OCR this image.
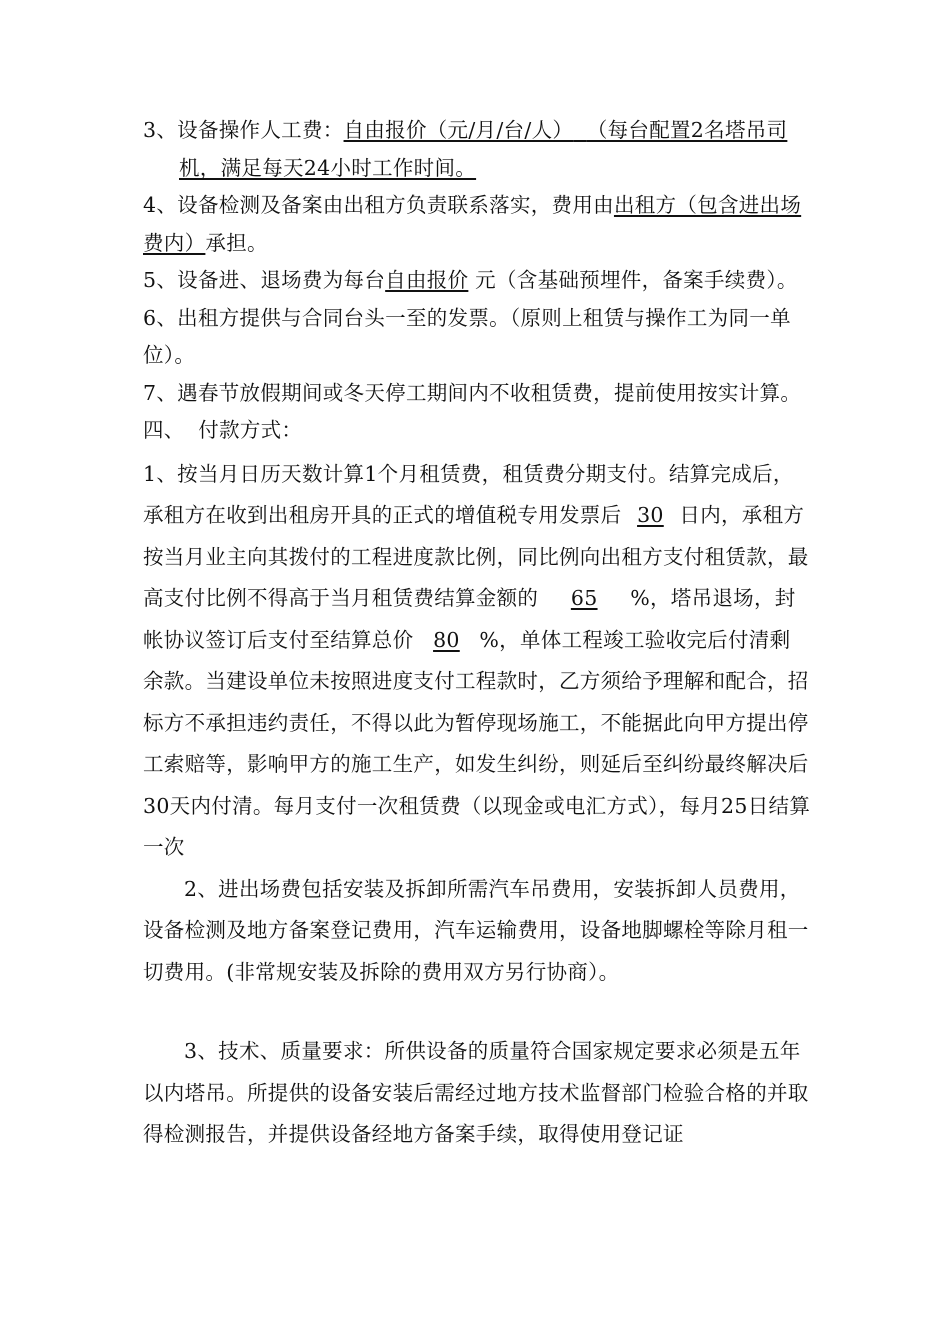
3、设备操作人工费：自由报价（元/月/台/人） （每台配置2名塔吊司机，满足每天24小时工作时间。

4、设备检测及备案由出租方负责联系落实，费用由出租方（包含进出场费内）承担。

5、设备进、退场费为每台自由报价 元（含基础预埋件，备案手续费）。

6、出租方提供与合同台头一至的发票。（原则上租赁与操作工为同一单位）。

7、遇春节放假期间或冬天停工期间内不收租赁费，提前使用按实计算。

四、  付款方式：

1、按当月日历天数计算1个月租赁费，租赁费分期支付。结算完成后，承租方在收到出租房开具的正式的增值税专用发票后 30 日内，承租方按当月业主向其拨付的工程进度款比例，同比例向出租方支付租赁款，最高支付比例不得高于当月租赁费结算金额的 65 %，塔吊退场，封帐协议签订后支付至结算总价 80 %，单体工程竣工验收完后付清剩余款。当建设单位未按照进度支付工程款时，乙方须给予理解和配合，招标方不承担违约责任，不得以此为暂停现场施工，不能据此向甲方提出停工索赔等，影响甲方的施工生产，如发生纠纷，则延后至纠纷最终解决后30天内付清。每月支付一次租赁费（以现金或电汇方式），每月25日结算一次

2、进出场费包括安装及拆卸所需汽车吊费用，安装拆卸人员费用，设备检测及地方备案登记费用，汽车运输费用，设备地脚螺栓等除月租一切费用。(非常规安装及拆除的费用双方另行协商）。

3、技术、质量要求：所供设备的质量符合国家规定要求必须是五年以内塔吊。所提供的设备安装后需经过地方技术监督部门检验合格的并取得检测报告，并提供设备经地方备案手续，取得使用登记证
